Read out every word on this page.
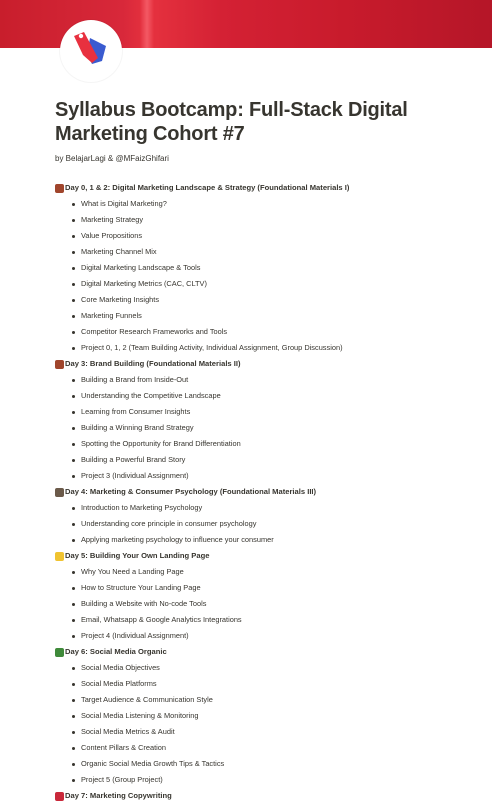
Syllabus Bootcamp: Full-Stack Digital
Marketing Cohort #7
by BelajarLagi & @MFaizGhifari
Day 0, 1 & 2: Digital Marketing Landscape & Strategy (Foundational Materials I)
What is Digital Marketing?
Marketing Strategy
Value Propositions
Marketing Channel Mix
Digital Marketing Landscape & Tools
Digital Marketing Metrics (CAC, CLTV)
Core Marketing Insights
Marketing Funnels
Competitor Research Frameworks and Tools
Project 0, 1, 2 (Team Building Activity, Individual Assignment, Group Discussion)
Day 3: Brand Building (Foundational Materials II)
Building a Brand from Inside-Out
Understanding the Competitive Landscape
Learning from Consumer Insights
Building a Winning Brand Strategy
Spotting the Opportunity for Brand Differentiation
Building a Powerful Brand Story
Project 3 (Individual Assignment)
Day 4: Marketing & Consumer Psychology (Foundational Materials III)
Introduction to Marketing Psychology
Understanding core principle in consumer psychology
Applying marketing psychology to influence your consumer
Day 5: Building Your Own Landing Page
Why You Need a Landing Page
How to Structure Your Landing Page
Building a Website with No-code Tools
Email, Whatsapp & Google Analytics Integrations
Project 4 (Individual Assignment)
Day 6: Social Media Organic
Social Media Objectives
Social Media Platforms
Target Audience & Communication Style
Social Media Listening & Monitoring
Social Media Metrics & Audit
Content Pillars & Creation
Organic Social Media Growth Tips & Tactics
Project 5 (Group Project)
Day 7: Marketing Copywriting
